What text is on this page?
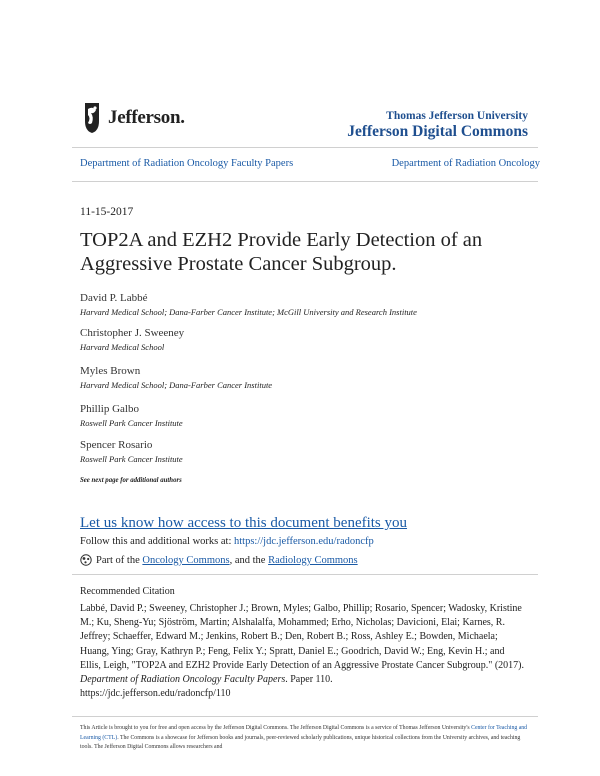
Jefferson.	Thomas Jefferson University
Jefferson Digital Commons
Department of Radiation Oncology Faculty Papers	Department of Radiation Oncology
11-15-2017
TOP2A and EZH2 Provide Early Detection of an Aggressive Prostate Cancer Subgroup.
David P. Labbé
Harvard Medical School; Dana-Farber Cancer Institute; McGill University and Research Institute
Christopher J. Sweeney
Harvard Medical School
Myles Brown
Harvard Medical School; Dana-Farber Cancer Institute
Phillip Galbo
Roswell Park Cancer Institute
Spencer Rosario
Roswell Park Cancer Institute
See next page for additional authors
Let us know how access to this document benefits you
Follow this and additional works at: https://jdc.jefferson.edu/radoncfp
Part of the Oncology Commons, and the Radiology Commons
Recommended Citation
Labbé, David P.; Sweeney, Christopher J.; Brown, Myles; Galbo, Phillip; Rosario, Spencer; Wadosky, Kristine M.; Ku, Sheng-Yu; Sjöström, Martin; Alshalalfa, Mohammed; Erho, Nicholas; Davicioni, Elai; Karnes, R. Jeffrey; Schaeffer, Edward M.; Jenkins, Robert B.; Den, Robert B.; Ross, Ashley E.; Bowden, Michaela; Huang, Ying; Gray, Kathryn P.; Feng, Felix Y.; Spratt, Daniel E.; Goodrich, David W.; Eng, Kevin H.; and Ellis, Leigh, "TOP2A and EZH2 Provide Early Detection of an Aggressive Prostate Cancer Subgroup." (2017). Department of Radiation Oncology Faculty Papers. Paper 110.
https://jdc.jefferson.edu/radoncfp/110
This Article is brought to you for free and open access by the Jefferson Digital Commons. The Jefferson Digital Commons is a service of Thomas Jefferson University's Center for Teaching and Learning (CTL). The Commons is a showcase for Jefferson books and journals, peer-reviewed scholarly publications, unique historical collections from the University archives, and teaching tools. The Jefferson Digital Commons allows researchers and
